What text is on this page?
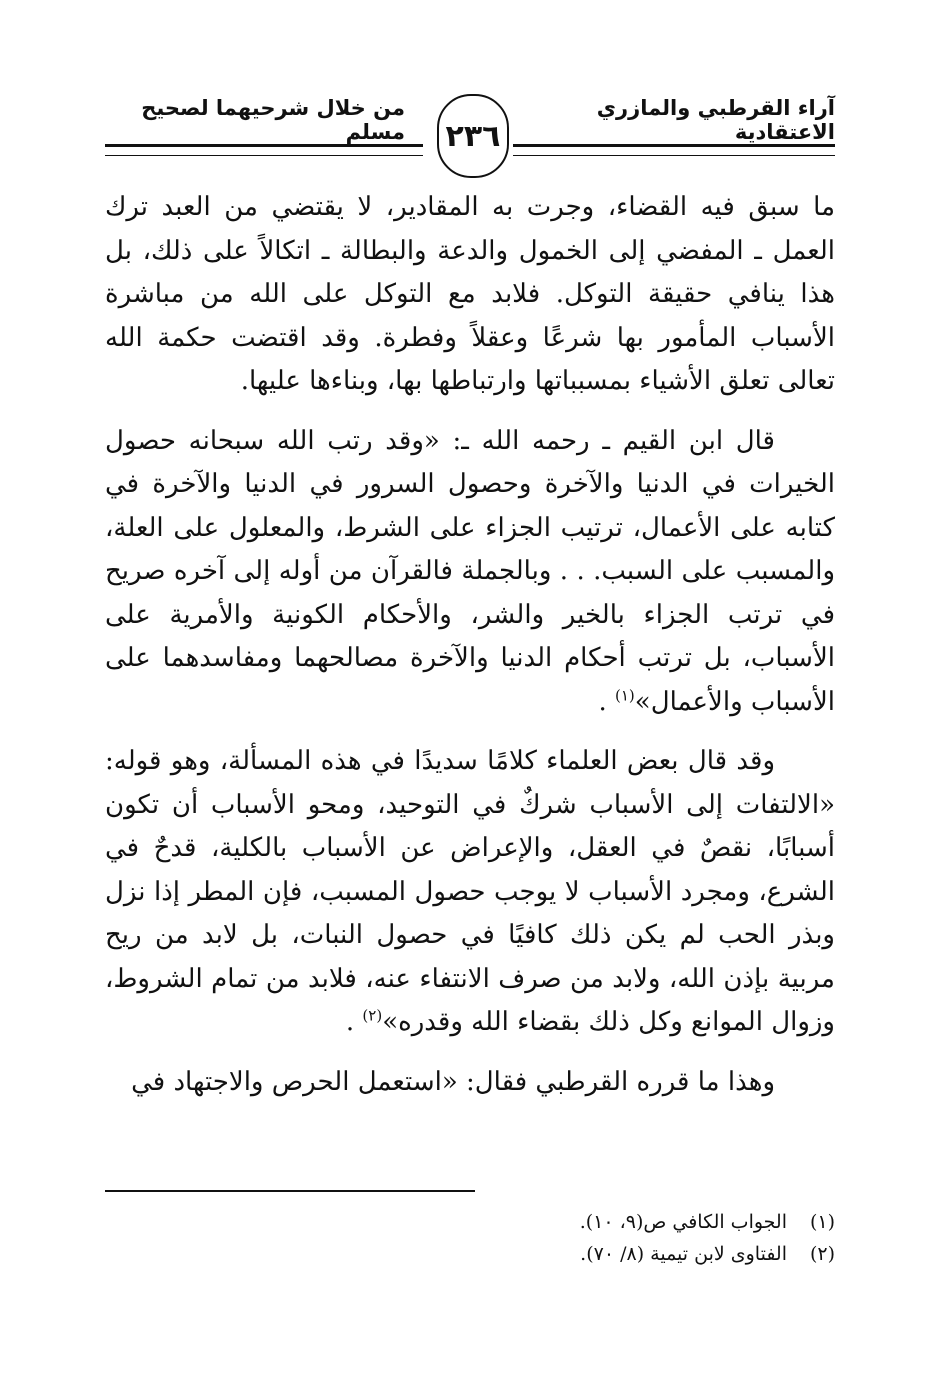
آراء القرطبي والمازري الاعتقادية
من خلال شرحيهما لصحيح مسلم ٢٣٦

ما سبق فيه القضاء، وجرت به المقادير، لا يقتضي من العبد ترك العمل ـ المفضي إلى الخمول والدعة والبطالة ـ اتكالاً على ذلك، بل هذا ينافي حقيقة التوكل. فلابد مع التوكل على الله من مباشرة الأسباب المأمور بها شرعًا وعقلاً وفطرة. وقد اقتضت حكمة الله تعالى تعلق الأشياء بمسبباتها وارتباطها بها، وبناءها عليها.

قال ابن القيم ـ رحمه الله ـ: «وقد رتب الله سبحانه حصول الخيرات في الدنيا والآخرة وحصول السرور في الدنيا والآخرة في كتابه على الأعمال، ترتيب الجزاء على الشرط، والمعلول على العلة، والمسبب على السبب. . . وبالجملة فالقرآن من أوله إلى آخره صريح في ترتب الجزاء بالخير والشر، والأحكام الكونية والأمرية على الأسباب، بل ترتب أحكام الدنيا والآخرة مصالحهما ومفاسدهما على الأسباب والأعمال»$^{(١)}$ .

وقد قال بعض العلماء كلامًا سديدًا في هذه المسألة، وهو قوله: «الالتفات إلى الأسباب شركٌ في التوحيد، ومحو الأسباب أن تكون أسبابًا، نقصٌ في العقل، والإعراض عن الأسباب بالكلية، قدحٌ في الشرع، ومجرد الأسباب لا يوجب حصول المسبب، فإن المطر إذا نزل وبذر الحب لم يكن ذلك كافيًا في حصول النبات، بل لابد من ريح مربية بإذن الله، ولابد من صرف الانتفاء عنه، فلابد من تمام الشروط، وزوال الموانع وكل ذلك بقضاء الله وقدره»$^{(٢)}$ .

وهذا ما قرره القرطبي فقال: «استعمل الحرص والاجتهاد في

(١)
الجواب الكافي ص(٩، ١٠).
(٢)
الفتاوى لابن تيمية (٨/ ٧٠).
